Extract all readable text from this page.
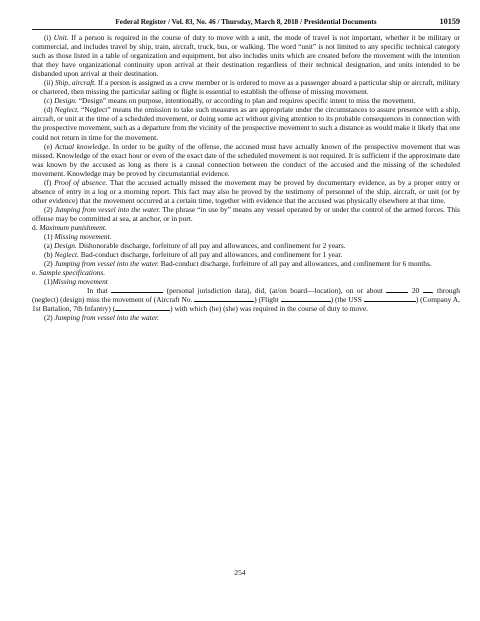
Federal Register / Vol. 83, No. 46 / Thursday, March 8, 2018 / Presidential Documents	10159

(i) Unit. If a person is required in the course of duty to move with a unit, the mode of travel is not important, whether it be military or commercial, and includes travel by ship, train, aircraft, truck, bus, or walking. The word “unit” is not limited to any specific technical category such as those listed in a table of organization and equipment, but also includes units which are created before the movement with the intention that they have organizational continuity upon arrival at their destination regardless of their technical designation, and units intended to be disbanded upon arrival at their destination.

(ii) Ship, aircraft. If a person is assigned as a crew member or is ordered to move as a passenger aboard a particular ship or aircraft, military or chartered, then missing the particular sailing or flight is essential to establish the offense of missing movement.

(c) Design. “Design” means on purpose, intentionally, or according to plan and requires specific intent to miss the movement.

(d) Neglect. “Neglect” means the omission to take such measures as are appropriate under the circumstances to assure presence with a ship, aircraft, or unit at the time of a scheduled movement, or doing some act without giving attention to its probable consequences in connection with the prospective movement, such as a departure from the vicinity of the prospective movement to such a distance as would make it likely that one could not return in time for the movement.

(e) Actual knowledge. In order to be guilty of the offense, the accused must have actually known of the prospective movement that was missed. Knowledge of the exact hour or even of the exact date of the scheduled movement is not required. It is sufficient if the approximate date was known by the accused as long as there is a causal connection between the conduct of the accused and the missing of the scheduled movement. Knowledge may be proved by circumstantial evidence.

(f) Proof of absence. That the accused actually missed the movement may be proved by documentary evidence, as by a proper entry or absence of entry in a log or a morning report. This fact may also be proved by the testimony of personnel of the ship, aircraft, or unit (or by other evidence) that the movement occurred at a certain time, together with evidence that the accused was physically elsewhere at that time.

(2) Jumping from vessel into the water. The phrase “in use by” means any vessel operated by or under the control of the armed forces. This offense may be committed at sea, at anchor, or in port.

d. Maximum punishment.

(1) Missing movement.

(a) Design. Dishonorable discharge, forfeiture of all pay and allowances, and confinement for 2 years.

(b) Neglect. Bad-conduct discharge, forfeiture of all pay and allowances, and confinement for 1 year.

(2) Jumping from vessel into the water. Bad-conduct discharge, forfeiture of all pay and allowances, and confinement for 6 months.

e. Sample specifications.

(1)Missing movement

In that	(personal jurisdiction data), did, (at/on board—location), on or about	20 , through (neglect) (design) miss the movement of (Aircraft No.	) (Flight	) (the USS	) (Company A, 1st Battalion, 7th Infantry) (	) with which (he) (she) was required in the course of duty to move.

(2) Jumping from vessel into the water.

254
